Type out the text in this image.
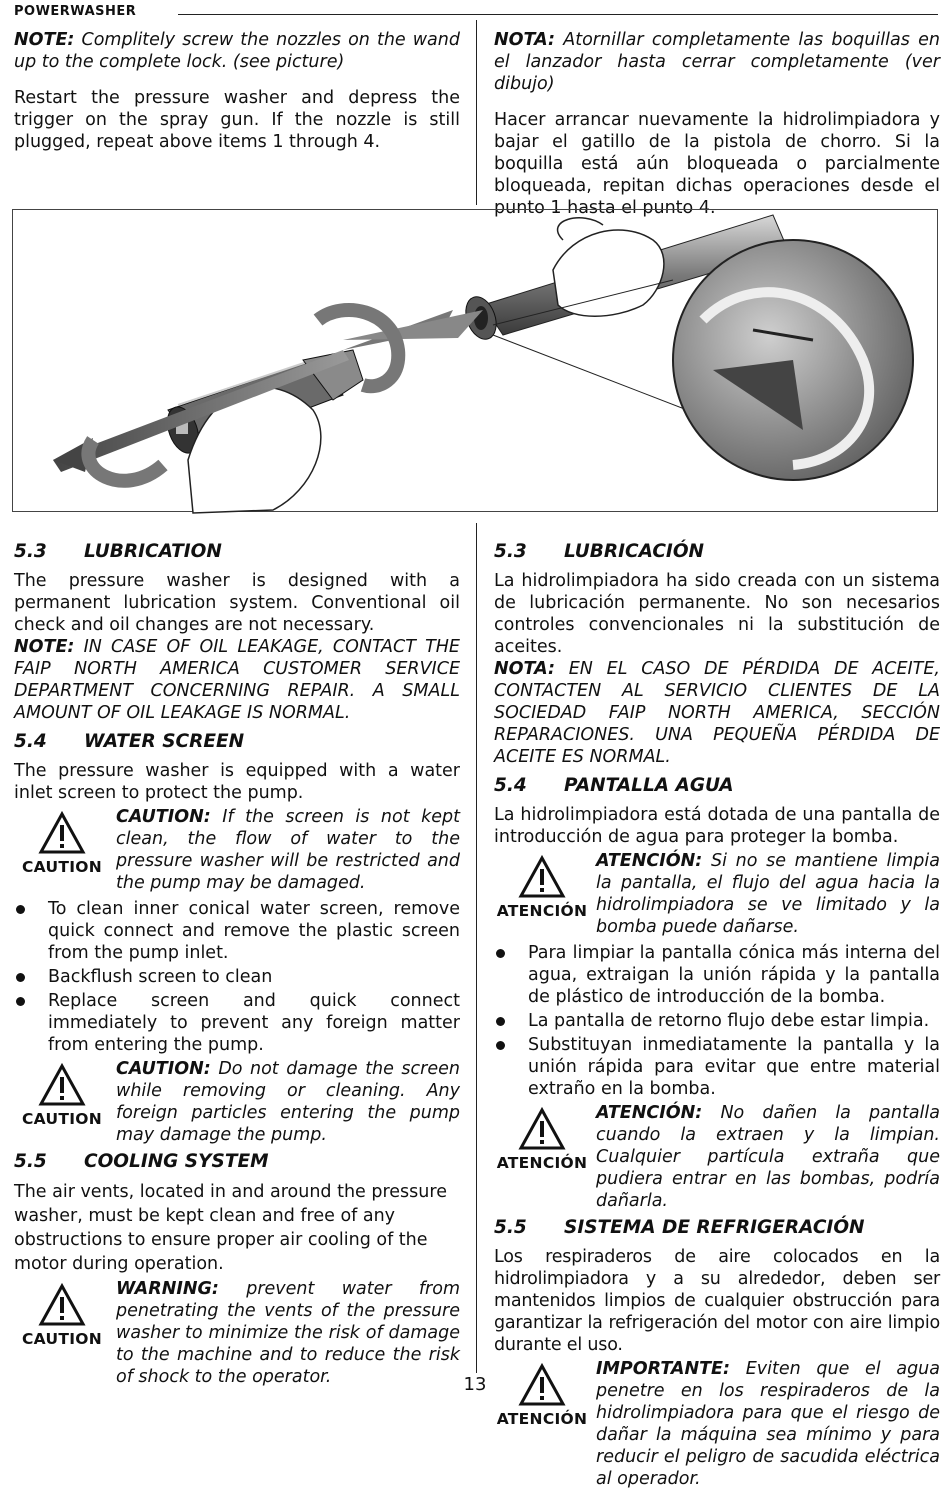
POWERWASHER

NOTE: Complitely screw the nozzles on the wand up to the complete lock. (see picture)

Restart the pressure washer and depress the trigger on the spray gun. If the nozzle is still plugged, repeat above items 1 through 4.

NOTA: Atornillar completamente las boquillas en el lanzador hasta cerrar completamente (ver dibujo)

Hacer arrancar nuevamente la hidrolimpiadora y bajar el gatillo de la pistola de chorro. Si la boquilla está aún bloqueada o parcialmente bloqueada, repitan dichas operaciones desde el punto 1 hasta el punto 4.

5.3 LUBRICATION

The pressure washer is designed with a permanent lubrication system. Conventional oil check and oil changes are not necessary.

NOTE: IN CASE OF OIL LEAKAGE, CONTACT THE FAIP NORTH AMERICA CUSTOMER SERVICE DEPARTMENT CONCERNING REPAIR. A SMALL AMOUNT OF OIL LEAKAGE IS NORMAL.

5.4 WATER SCREEN

The pressure washer is equipped with a water inlet screen to protect the pump.

CAUTION

CAUTION: If the screen is not kept clean, the flow of water to the pressure washer will be restricted and the pump may be damaged.

To clean inner conical water screen, remove quick connect and remove the plastic screen from the pump inlet.
Backflush screen to clean
Replace screen and quick connect immediately to prevent any foreign matter from entering the pump.
CAUTION

CAUTION: Do not damage the screen while removing or cleaning. Any foreign particles entering the pump may damage the pump.

5.5 COOLING SYSTEM

The air vents, located in and around the pressure washer, must be kept clean and free of any obstructions to ensure proper air cooling of the motor during operation.

CAUTION

WARNING: prevent water from penetrating the vents of the pressure washer to minimize the risk of damage to the machine and to reduce the risk of shock to the operator.

5.3 LUBRICACIÓN

La hidrolimpiadora ha sido creada con un sistema de lubricación permanente. No son necesarios controles convencionales ni la substitución de aceites.

NOTA: EN EL CASO DE PÉRDIDA DE ACEITE, CONTACTEN AL SERVICIO CLIENTES DE LA SOCIEDAD FAIP NORTH AMERICA, SECCIÓN REPARACIONES. UNA PEQUEÑA PÉRDIDA DE ACEITE ES NORMAL.

5.4 PANTALLA AGUA

La hidrolimpiadora está dotada de una pantalla de introducción de agua para proteger la bomba.

ATENCIÓN

ATENCIÓN: Si no se mantiene limpia la pantalla, el flujo del agua hacia la hidrolimpiadora se ve limitado y la bomba puede dañarse.

Para limpiar la pantalla cónica más interna del agua, extraigan la unión rápida y la pantalla de plástico de introducción de la bomba.
La pantalla de retorno flujo debe estar limpia.
Substituyan inmediatamente la pantalla y la unión rápida para evitar que entre material extraño en la bomba.
ATENCIÓN

ATENCIÓN: No dañen la pantalla cuando la extraen y la limpian. Cualquier partícula extraña que pudiera entrar en las bombas, podría dañarla.

5.5 SISTEMA DE REFRIGERACIÓN

Los respiraderos de aire colocados en la hidrolimpiadora y a su alrededor, deben ser mantenidos limpios de cualquier obstrucción para garantizar la refrigeración del motor con aire limpio durante el uso.

ATENCIÓN

IMPORTANTE: Eviten que el agua penetre en los respiraderos de la hidrolimpiadora para que el riesgo de dañar la máquina sea mínimo y para reducir el peligro de sacudida eléctrica al operador.

13
